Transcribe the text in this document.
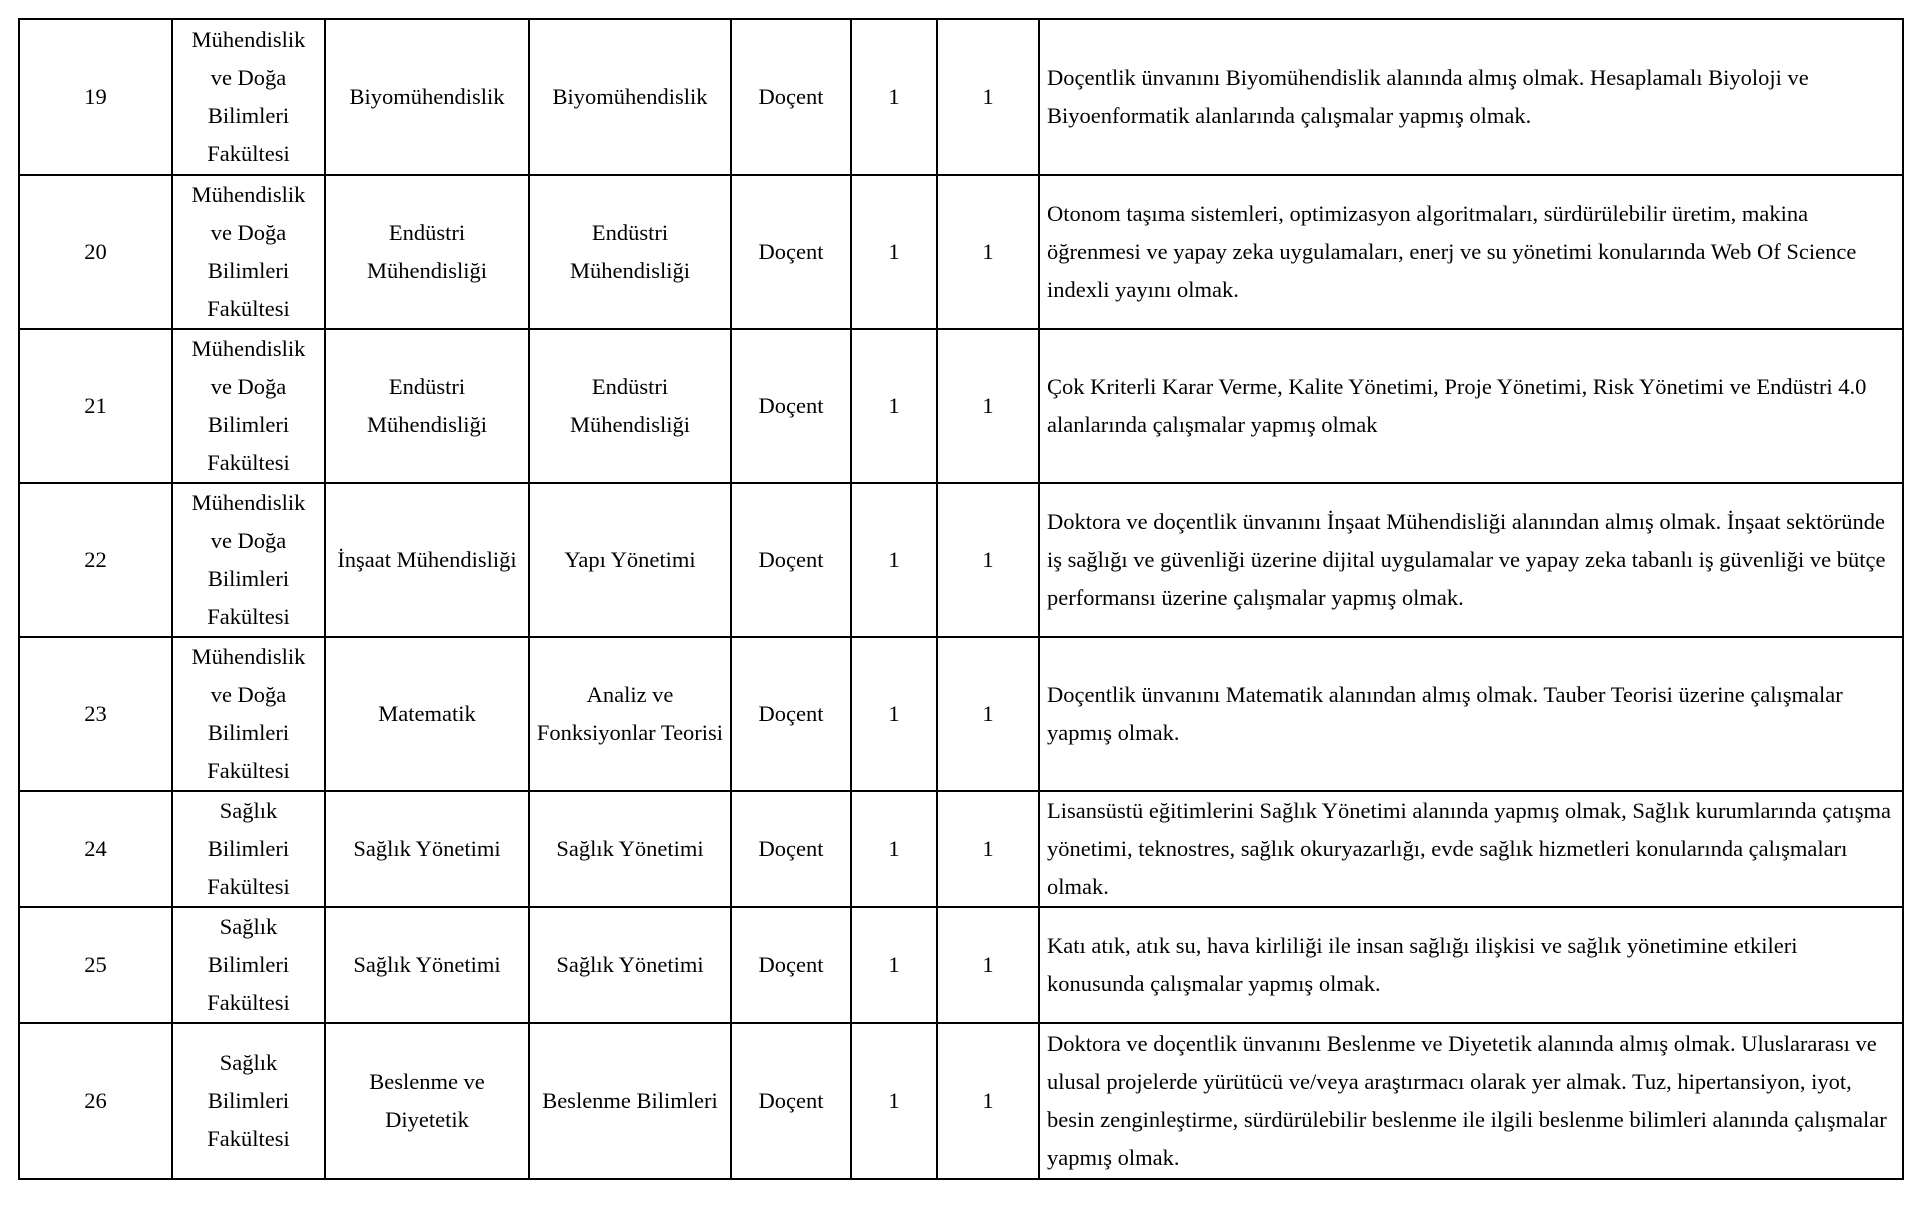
19	Mühendislik ve Doğa Bilimleri Fakültesi	Biyomühendislik	Biyomühendislik	Doçent	1	1	Doçentlik ünvanını Biyomühendislik alanında almış olmak. Hesaplamalı Biyoloji ve Biyoenformatik alanlarında çalışmalar yapmış olmak.
20	Mühendislik ve Doğa Bilimleri Fakültesi	Endüstri Mühendisliği	Endüstri Mühendisliği	Doçent	1	1	Otonom taşıma sistemleri, optimizasyon algoritmaları, sürdürülebilir üretim, makina öğrenmesi ve yapay zeka uygulamaları, enerj ve su yönetimi konularında Web Of Science indexli yayını olmak.
21	Mühendislik ve Doğa Bilimleri Fakültesi	Endüstri Mühendisliği	Endüstri Mühendisliği	Doçent	1	1	Çok Kriterli Karar Verme, Kalite Yönetimi, Proje Yönetimi, Risk Yönetimi ve Endüstri 4.0 alanlarında çalışmalar yapmış olmak
22	Mühendislik ve Doğa Bilimleri Fakültesi	İnşaat Mühendisliği	Yapı Yönetimi	Doçent	1	1	Doktora ve doçentlik ünvanını İnşaat Mühendisliği alanından almış olmak. İnşaat sektöründe iş sağlığı ve güvenliği üzerine dijital uygulamalar ve yapay zeka tabanlı iş güvenliği ve bütçe performansı üzerine çalışmalar yapmış olmak.
23	Mühendislik ve Doğa Bilimleri Fakültesi	Matematik	Analiz ve Fonksiyonlar Teorisi	Doçent	1	1	Doçentlik ünvanını Matematik alanından almış olmak. Tauber Teorisi üzerine çalışmalar yapmış olmak.
24	Sağlık Bilimleri Fakültesi	Sağlık Yönetimi	Sağlık Yönetimi	Doçent	1	1	Lisansüstü eğitimlerini Sağlık Yönetimi alanında yapmış olmak, Sağlık kurumlarında çatışma yönetimi, teknostres, sağlık okuryazarlığı, evde sağlık hizmetleri konularında çalışmaları olmak.
25	Sağlık Bilimleri Fakültesi	Sağlık Yönetimi	Sağlık Yönetimi	Doçent	1	1	Katı atık, atık su, hava kirliliği ile insan sağlığı ilişkisi ve sağlık yönetimine etkileri konusunda çalışmalar yapmış olmak.
26	Sağlık Bilimleri Fakültesi	Beslenme ve Diyetetik	Beslenme Bilimleri	Doçent	1	1	Doktora ve doçentlik ünvanını Beslenme ve Diyetetik alanında almış olmak. Uluslararası ve ulusal projelerde yürütücü ve/veya araştırmacı olarak yer almak. Tuz, hipertansiyon, iyot, besin zenginleştirme, sürdürülebilir beslenme ile ilgili beslenme bilimleri alanında çalışmalar yapmış olmak.
